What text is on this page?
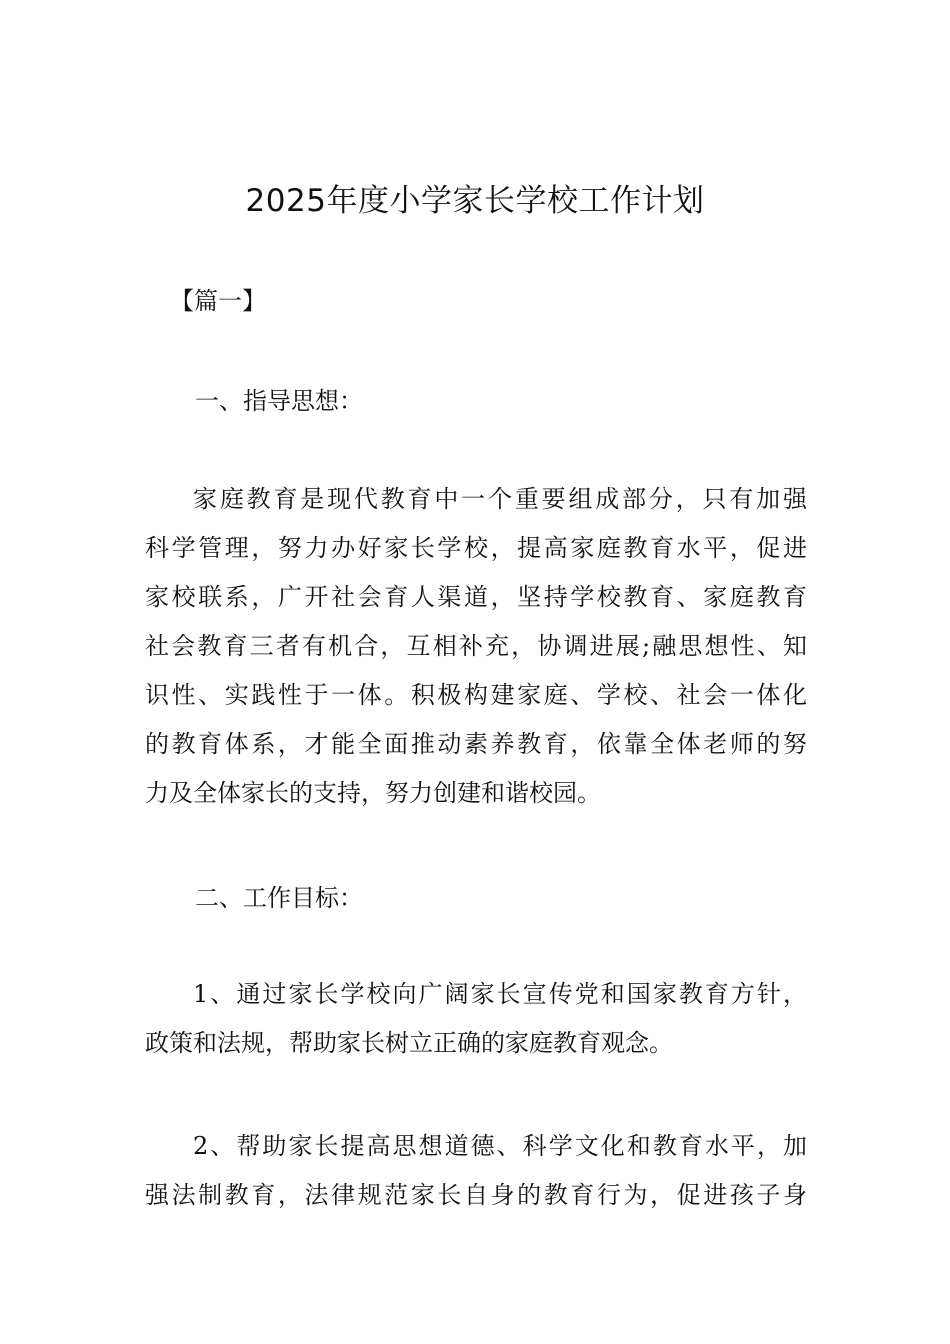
2025年度小学家长学校工作计划
【篇一】
一、指导思想：
家庭教育是现代教育中一个重要组成部分，只有加强
科学管理，努力办好家长学校，提高家庭教育水平，促进
家校联系，广开社会育人渠道，坚持学校教育、家庭教育
社会教育三者有机合，互相补充，协调进展;融思想性、知
识性、实践性于一体。积极构建家庭、学校、社会一体化
的教育体系，才能全面推动素养教育，依靠全体老师的努
力及全体家长的支持，努力创建和谐校园。
二、工作目标：
1、通过家长学校向广阔家长宣传党和国家教育方针，
政策和法规，帮助家长树立正确的家庭教育观念。
2、帮助家长提高思想道德、科学文化和教育水平，加
强法制教育，法律规范家长自身的教育行为，促进孩子身
